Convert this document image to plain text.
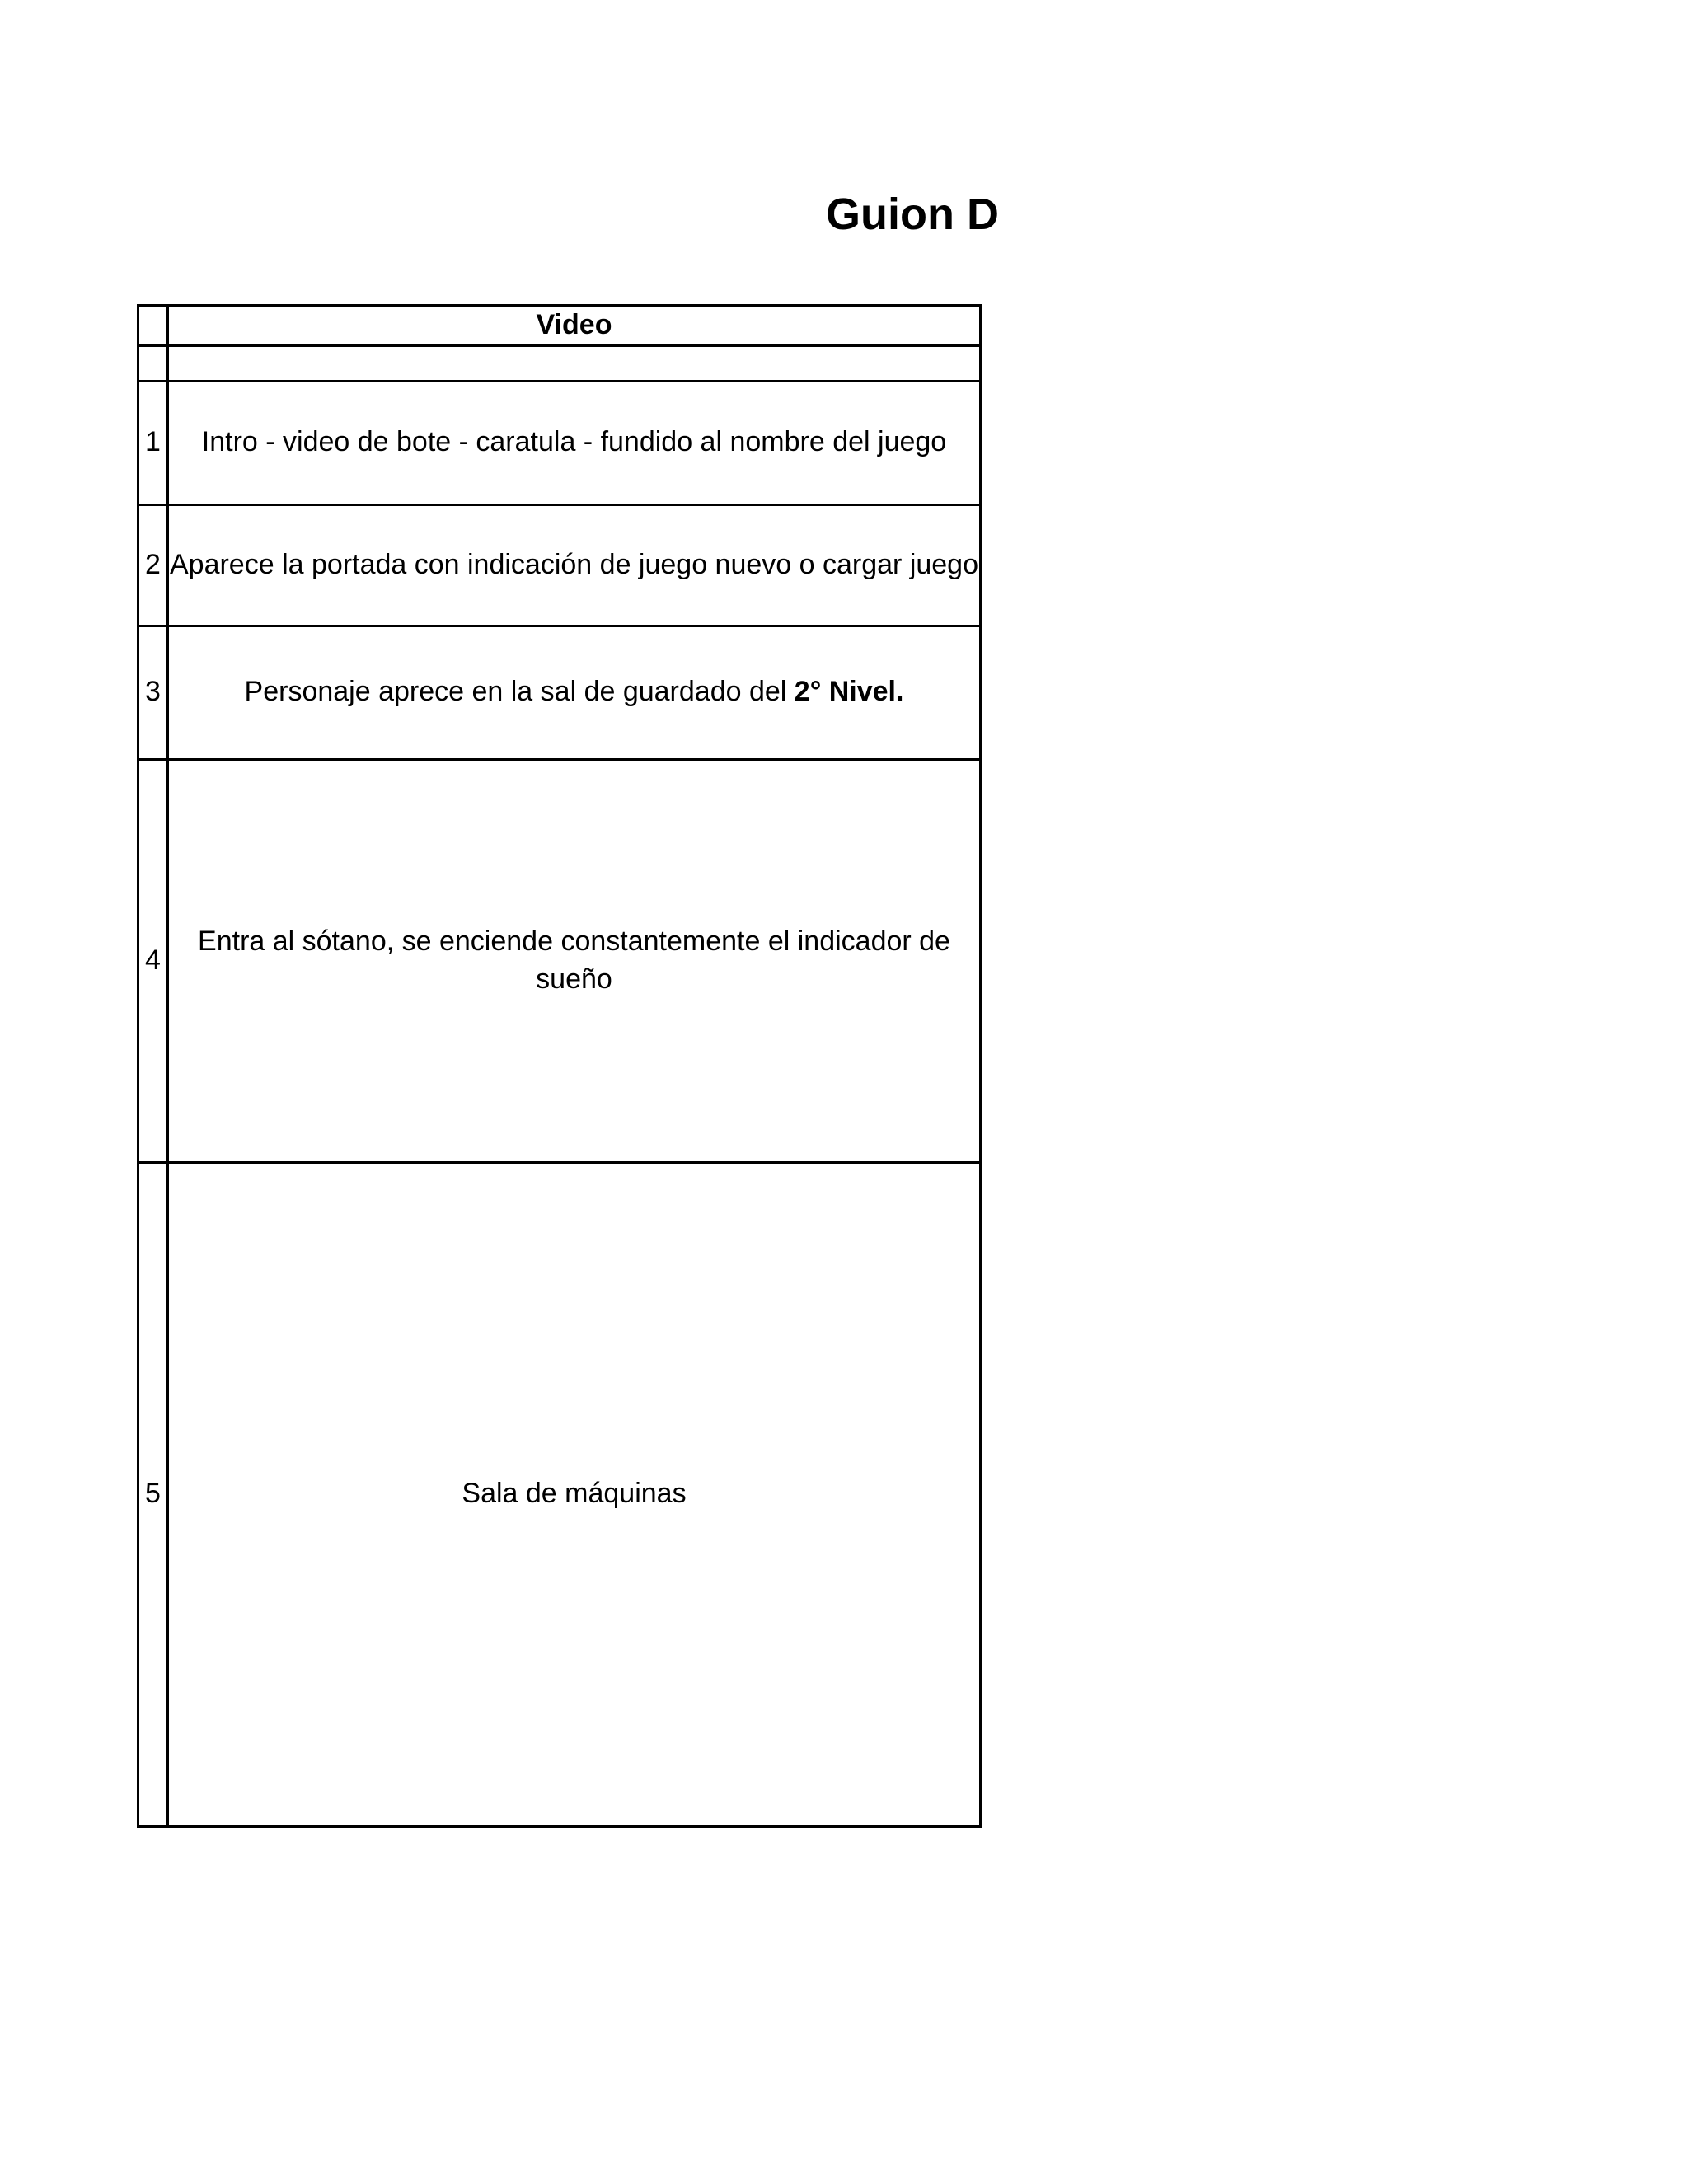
Guion D
	Video

1	Intro - video de bote - caratula - fundido al nombre del juego
2	Aparece la portada con indicación de juego nuevo o cargar juego
3	Personaje aprece en la sal de guardado del 2° Nivel.
4	Entra al sótano, se enciende constantemente el indicador de sueño
5	Sala de máquinas
